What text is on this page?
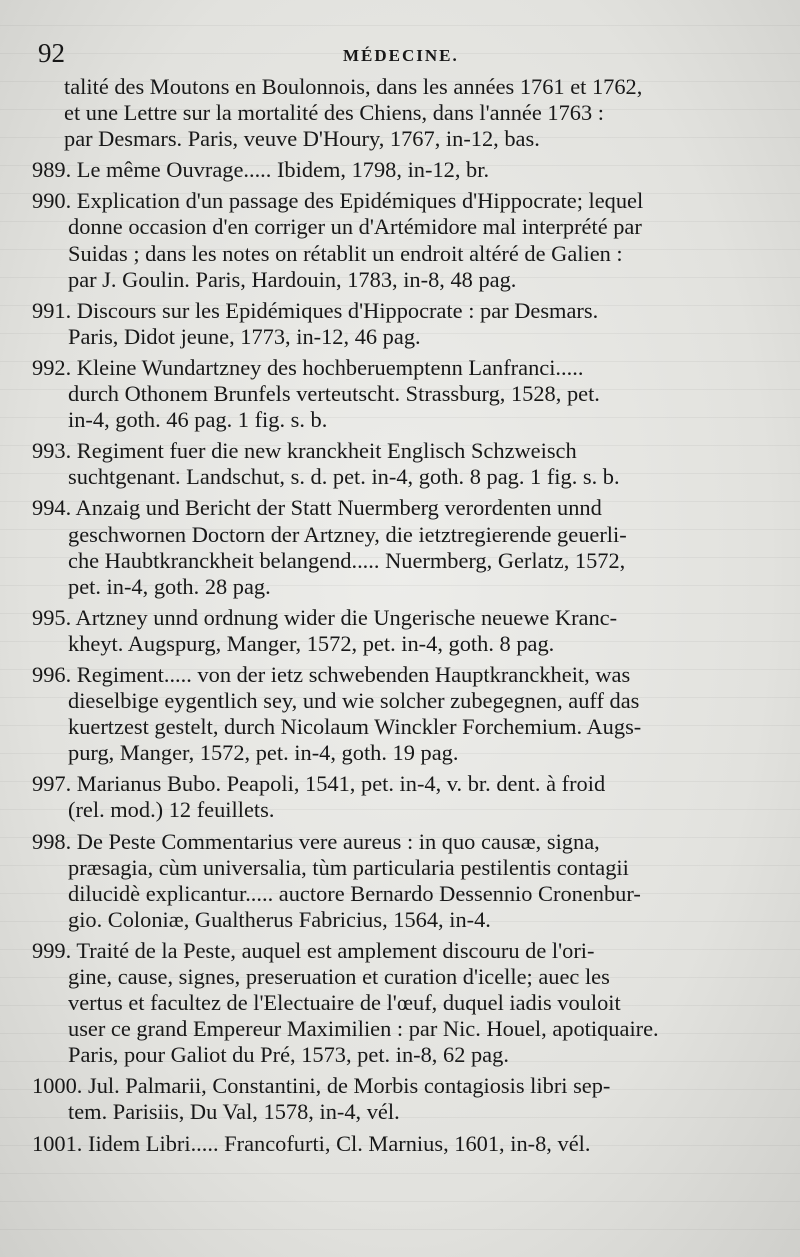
92	MÉDECINE.

talité des Moutons en Boulonnois, dans les années 1761 et 1762,

et une Lettre sur la mortalité des Chiens, dans l'année 1763 :

par Desmars. Paris, veuve D'Houry, 1767, in-12, bas.

989. Le même Ouvrage..... Ibidem, 1798, in-12, br.

990. Explication d'un passage des Epidémiques d'Hippocrate; lequel

donne occasion d'en corriger un d'Artémidore mal interprété par

Suidas ; dans les notes on rétablit un endroit altéré de Galien :

par J. Goulin. Paris, Hardouin, 1783, in-8, 48 pag.

991. Discours sur les Epidémiques d'Hippocrate : par Desmars.

Paris, Didot jeune, 1773, in-12, 46 pag.

992. Kleine Wundartzney des hochberuemptenn Lanfranci.....

durch Othonem Brunfels verteutscht. Strassburg, 1528, pet.

in-4, goth. 46 pag. 1 fig. s. b.

993. Regiment fuer die new kranckheit Englisch Schzweisch

suchtgenant. Landschut, s. d. pet. in-4, goth. 8 pag. 1 fig. s. b.

994. Anzaig und Bericht der Statt Nuermberg verordenten unnd

geschwornen Doctorn der Artzney, die ietztregierende geuerli-

che Haubtkranckheit belangend..... Nuermberg, Gerlatz, 1572,

pet. in-4, goth. 28 pag.

995. Artzney unnd ordnung wider die Ungerische neuewe Kranc-

kheyt. Augspurg, Manger, 1572, pet. in-4, goth. 8 pag.

996. Regiment..... von der ietz schwebenden Hauptkranckheit, was

dieselbige eygentlich sey, und wie solcher zubegegnen, auff das

kuertzest gestelt, durch Nicolaum Winckler Forchemium. Augs-

purg, Manger, 1572, pet. in-4, goth. 19 pag.

997. Marianus Bubo. Peapoli, 1541, pet. in-4, v. br. dent. à froid

(rel. mod.) 12 feuillets.

998. De Peste Commentarius vere aureus : in quo causæ, signa,

præsagia, cùm universalia, tùm particularia pestilentis contagii

dilucidè explicantur..... auctore Bernardo Dessennio Cronenbur-

gio. Coloniæ, Gualtherus Fabricius, 1564, in-4.

999. Traité de la Peste, auquel est amplement discouru de l'ori-

gine, cause, signes, preseruation et curation d'icelle; auec les

vertus et facultez de l'Electuaire de l'œuf, duquel iadis vouloit

user ce grand Empereur Maximilien : par Nic. Houel, apotiquaire.

Paris, pour Galiot du Pré, 1573, pet. in-8, 62 pag.

1000. Jul. Palmarii, Constantini, de Morbis contagiosis libri sep-

tem. Parisiis, Du Val, 1578, in-4, vél.

1001. Iidem Libri..... Francofurti, Cl. Marnius, 1601, in-8, vél.
